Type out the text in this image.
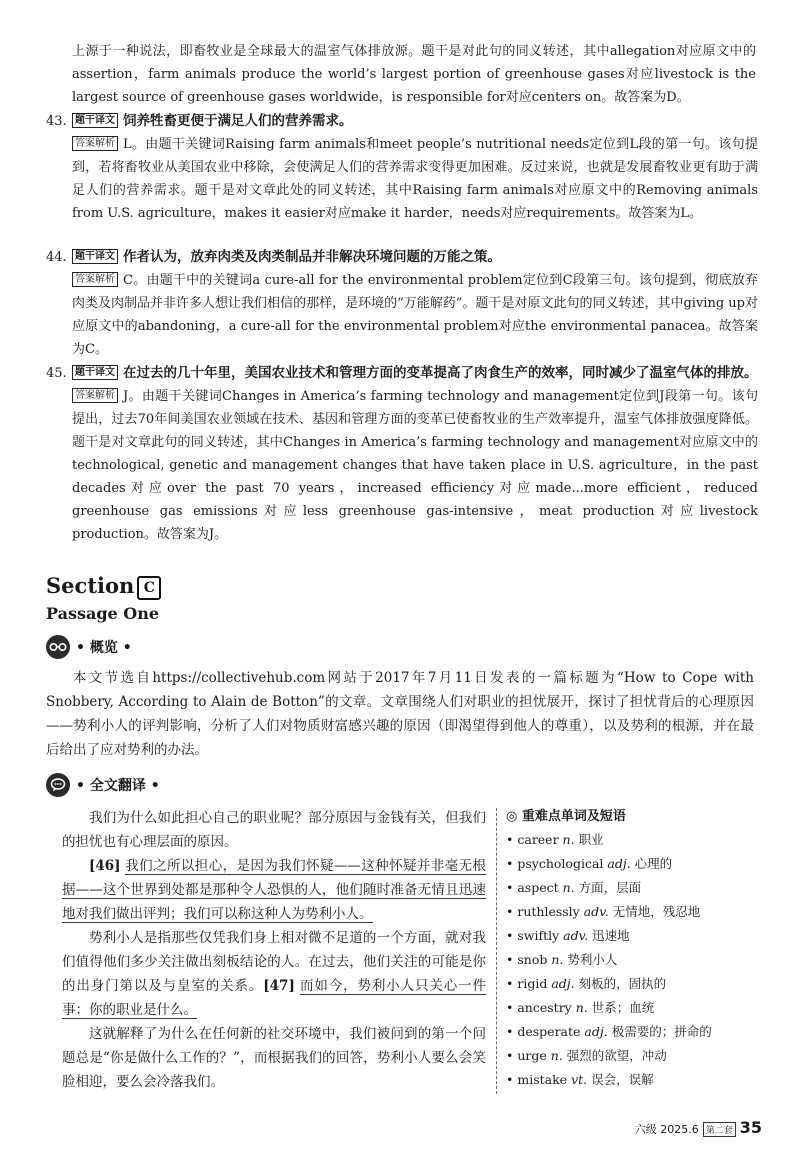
上源于一种说法，即畜牧业是全球最大的温室气体排放源。题干是对此句的同义转述，其中allegation对应原文中的assertion，farm animals produce the world’s largest portion of greenhouse gases对应livestock is the largest source of greenhouse gases worldwide，is responsible for对应centers on。故答案为D。
43. 题干译文 饲养牲畜更便于满足人们的营养需求。
答案解析 L。由题干关键词Raising farm animals和meet people’s nutritional needs定位到L段的第一句。该句提到，若将畜牧业从美国农业中移除，会使满足人们的营养需求变得更加困难。反过来说，也就是发展畜牧业更有助于满足人们的营养需求。题干是对文章此处的同义转述，其中Raising farm animals对应原文中的Removing animals from U.S. agriculture，makes it easier对应make it harder，needs对应requirements。故答案为L。
44. 题干译文 作者认为，放弃肉类及肉类制品并非解决环境问题的万能之策。
答案解析 C。由题干中的关键词a cure-all for the environmental problem定位到C段第三句。该句提到，彻底放弃肉类及肉制品并非许多人想让我们相信的那样，是环境的“万能解药”。题干是对原文此句的同义转述，其中giving up对应原文中的abandoning，a cure-all for the environmental problem对应the environmental panacea。故答案为C。
45. 题干译文 在过去的几十年里，美国农业技术和管理方面的变革提高了肉食生产的效率，同时减少了温室气体的排放。
答案解析 J。由题干关键词Changes in America’s farming technology and management定位到J段第一句。该句提出，过去70年间美国农业领域在技术、基因和管理方面的变革已使畜牧业的生产效率提升，温室气体排放强度降低。题干是对文章此句的同义转述，其中Changes in America’s farming technology and management对应原文中的technological, genetic and management changes that have taken place in U.S. agriculture，in the past decades对应over the past 70 years，increased efficiency对应made...more efficient，reduced greenhouse gas emissions对应less greenhouse gas-intensive，meat production对应livestock production。故答案为J。
Section C
Passage One
• 概览 •
本文节选自https://collectivehub.com网站于2017年7月11日发表的一篇标题为“How to Cope with Snobbery, According to Alain de Botton”的文章。文章围绕人们对职业的担忧展开，探讨了担忧背后的心理原因——势利小人的评判影响，分析了人们对物质财富感兴趣的原因（即渴望得到他人的尊重），以及势利的根源，并在最后给出了应对势利的办法。
• 全文翻译 •

我们为什么如此担心自己的职业呢？部分原因与金钱有关，但我们的担忧也有心理层面的原因。

[46] 我们之所以担心，是因为我们怀疑——这种怀疑并非毫无根据——这个世界到处都是那种令人恐惧的人，他们随时准备无情且迅速地对我们做出评判；我们可以称这种人为势利小人。

势利小人是指那些仅凭我们身上相对微不足道的一个方面，就对我们值得他们多少关注做出刻板结论的人。在过去，他们关注的可能是你的出身门第以及与皇室的关系。[47] 而如今，势利小人只关心一件事：你的职业是什么。

这就解释了为什么在任何新的社交环境中，我们被问到的第一个问题总是“你是做什么工作的？”，而根据我们的回答，势利小人要么会笑脸相迎，要么会冷落我们。

◎ 重难点单词及短语
• career n. 职业
• psychological adj. 心理的
• aspect n. 方面，层面
• ruthlessly adv. 无情地，残忍地
• swiftly adv. 迅速地
• snob n. 势利小人
• rigid adj. 刻板的，固执的
• ancestry n. 世系；血统
• desperate adj. 极需要的；拼命的
• urge n. 强烈的欲望，冲动
• mistake vt. 误会，误解
六级 2025.6 第二套 35
